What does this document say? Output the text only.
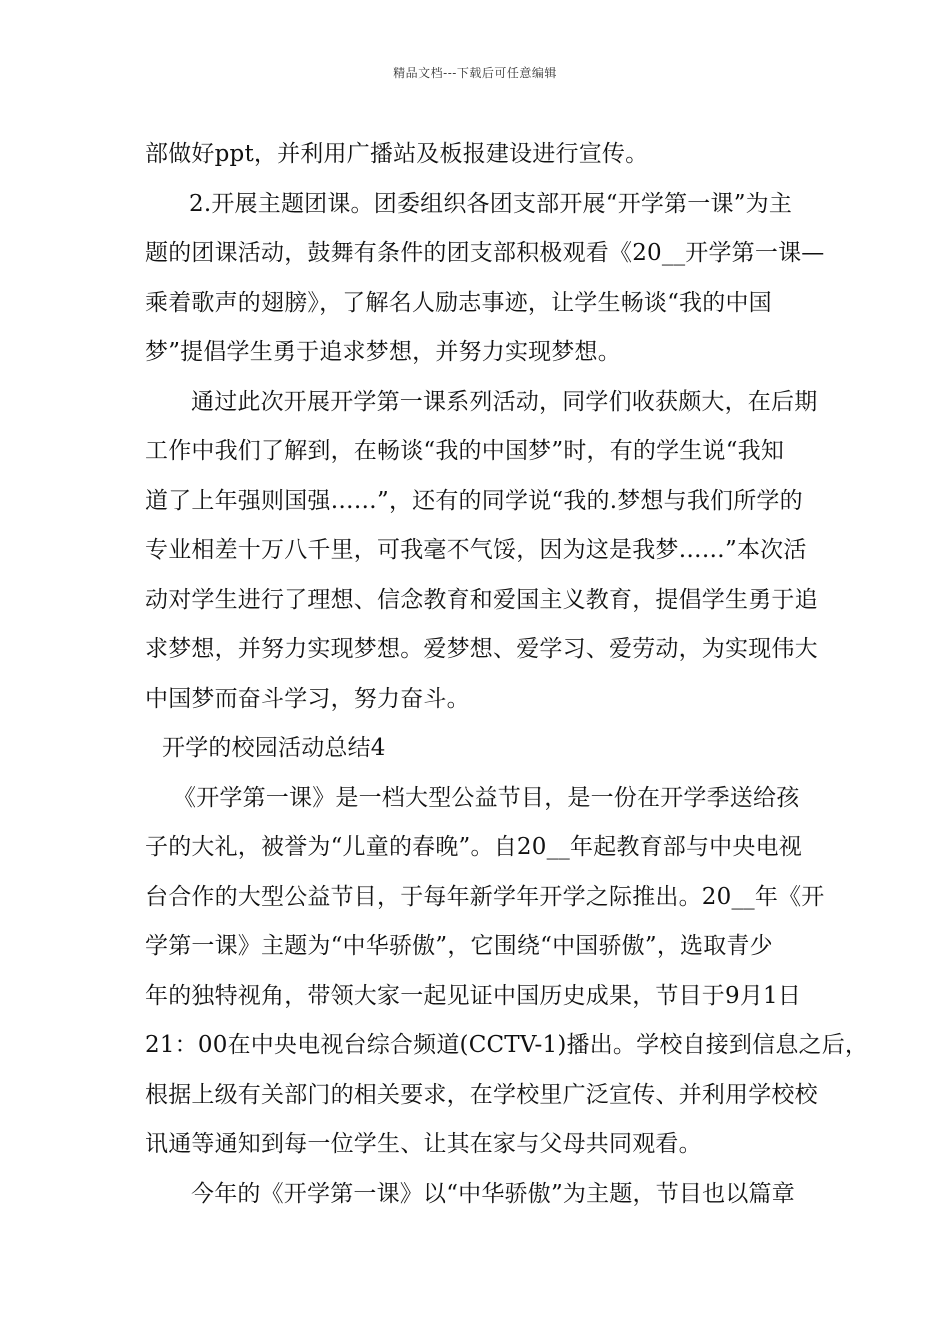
精品文档---下载后可任意编辑
部做好ppt，并利用广播站及板报建设进行宣传。
2.开展主题团课。团委组织各团支部开展“开学第一课”为主
题的团课活动，鼓舞有条件的团支部积极观看《20__开学第一课—
乘着歌声的翅膀》，了解名人励志事迹，让学生畅谈“我的中国
梦”提倡学生勇于追求梦想，并努力实现梦想。
通过此次开展开学第一课系列活动，同学们收获颇大，在后期
工作中我们了解到，在畅谈“我的中国梦”时，有的学生说“我知
道了上年强则国强……”，还有的同学说“我的.梦想与我们所学的
专业相差十万八千里，可我毫不气馁，因为这是我梦……”本次活
动对学生进行了理想、信念教育和爱国主义教育，提倡学生勇于追
求梦想，并努力实现梦想。爱梦想、爱学习、爱劳动，为实现伟大
中国梦而奋斗学习，努力奋斗。
开学的校园活动总结4
《开学第一课》是一档大型公益节目，是一份在开学季送给孩
子的大礼，被誉为“儿童的春晚”。自20__年起教育部与中央电视
台合作的大型公益节目，于每年新学年开学之际推出。20__年《开
学第一课》主题为“中华骄傲”，它围绕“中国骄傲”，选取青少
年的独特视角，带领大家一起见证中国历史成果，节目于9月1日
21：00在中央电视台综合频道(CCTV-1)播出。学校自接到信息之后，
根据上级有关部门的相关要求，在学校里广泛宣传、并利用学校校
讯通等通知到每一位学生、让其在家与父母共同观看。
今年的《开学第一课》以“中华骄傲”为主题，节目也以篇章
